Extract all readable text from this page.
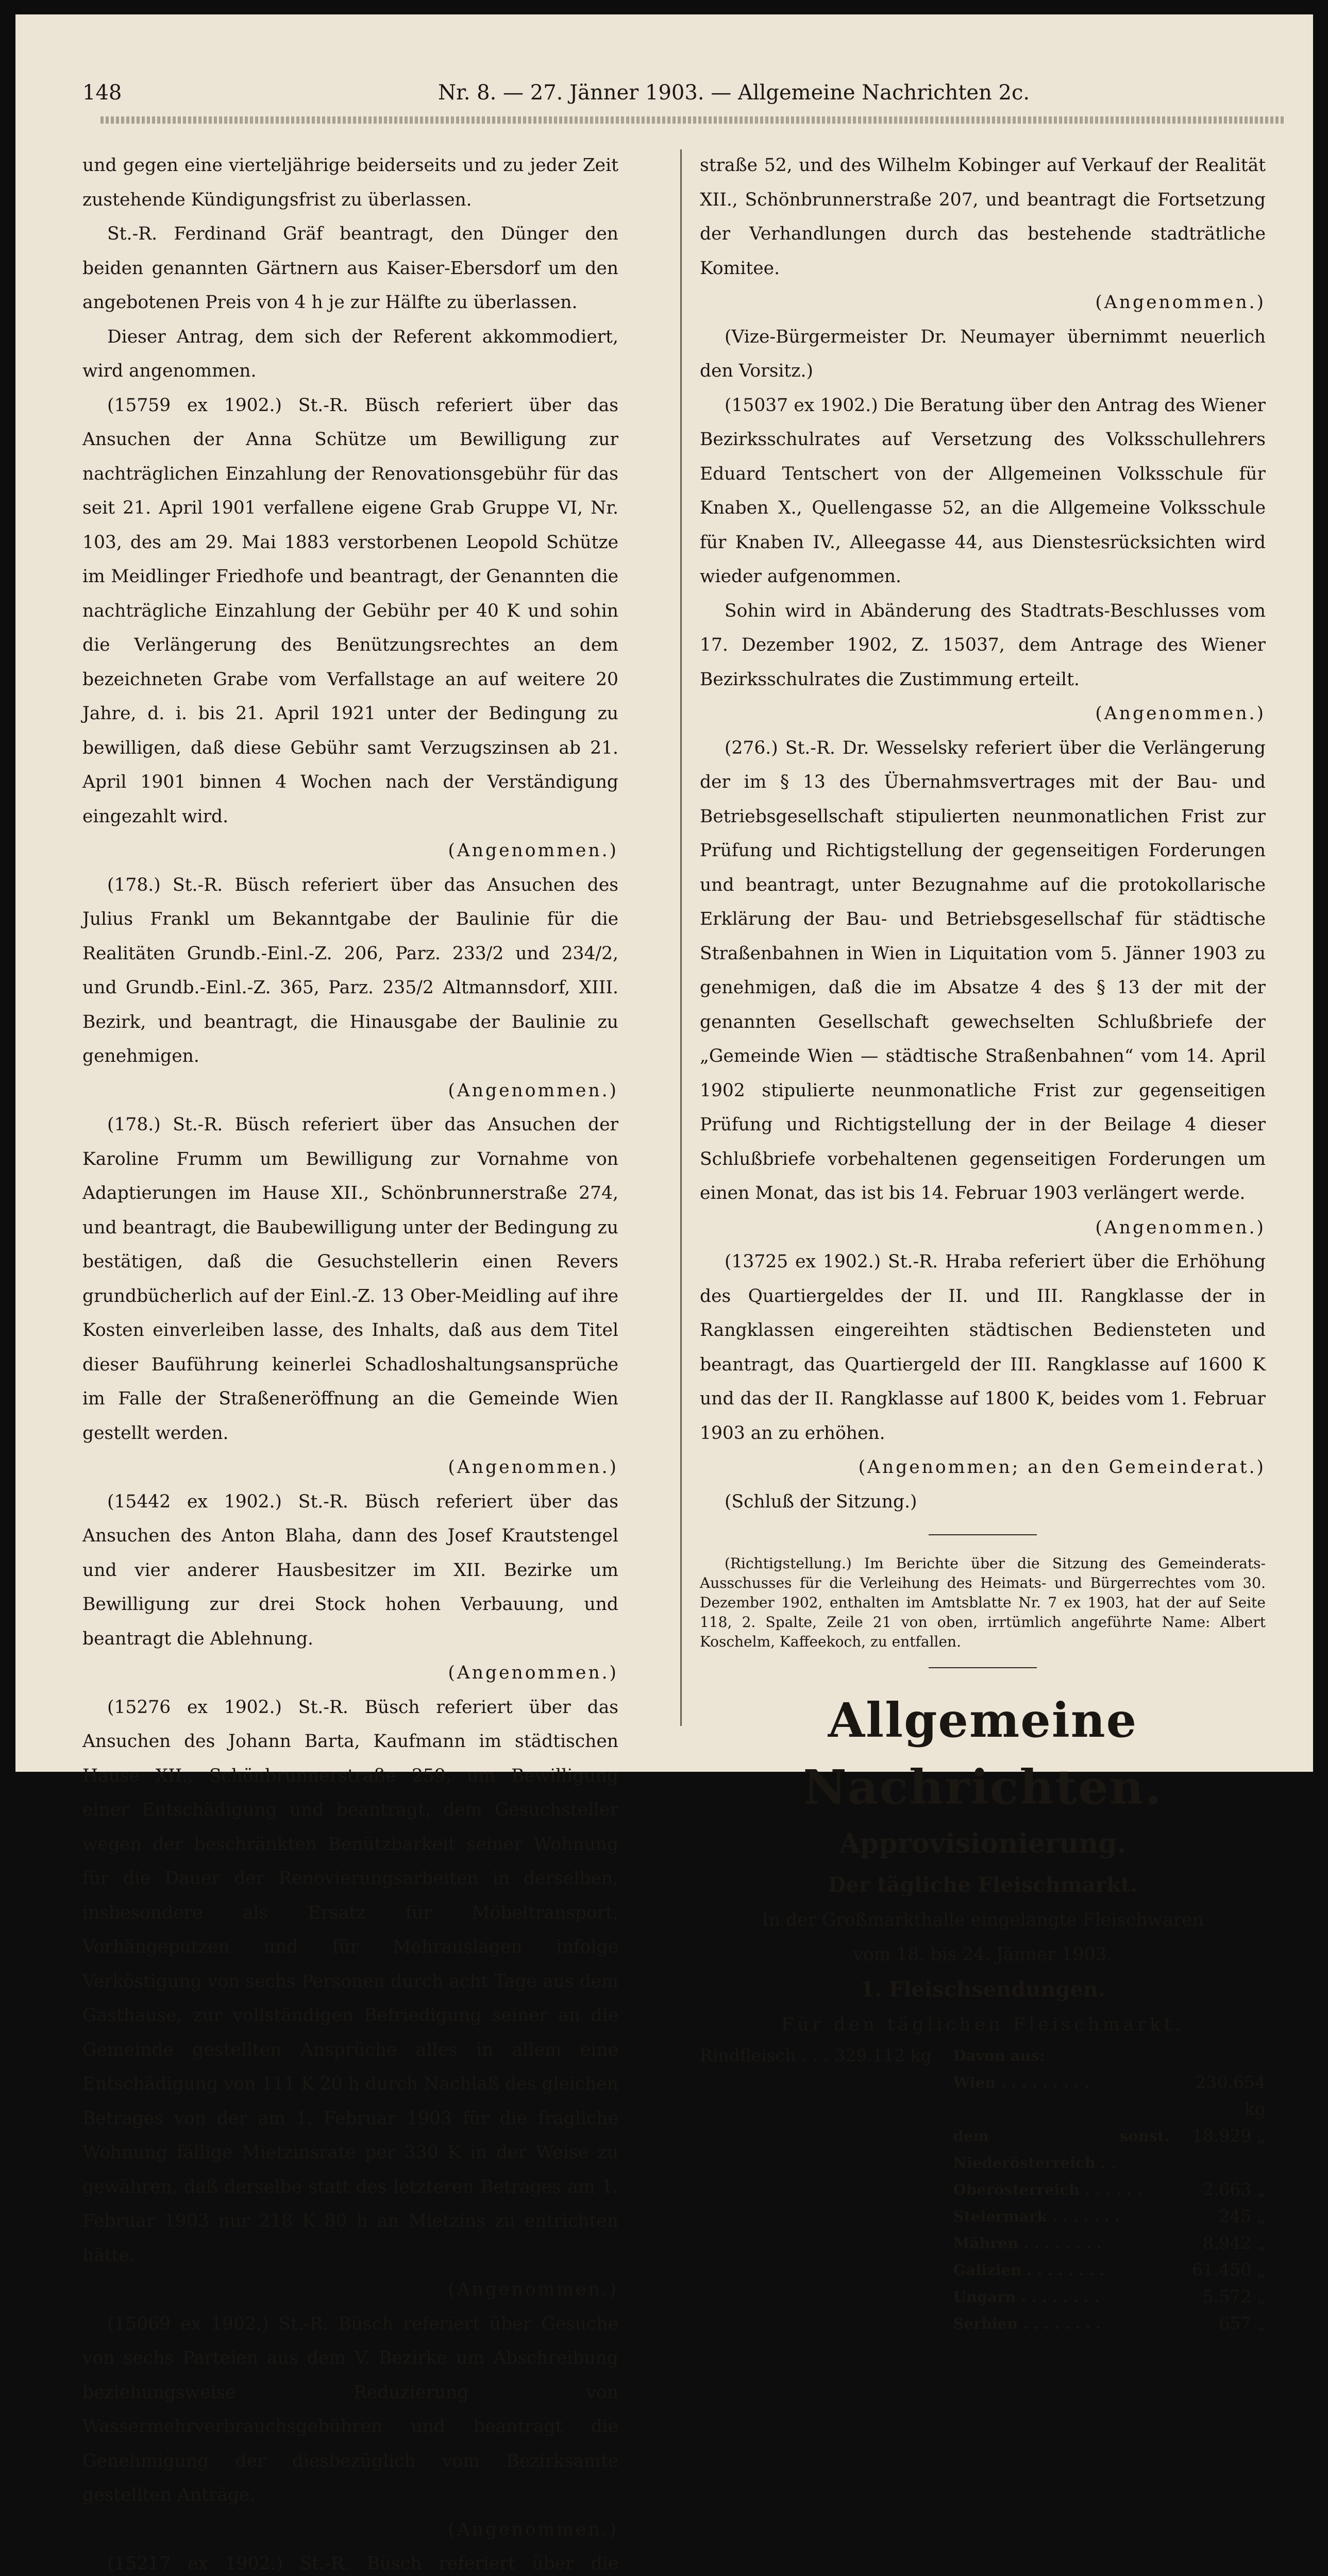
148	Nr. 8. — 27. Jänner 1903. — Allgemeine Nachrichten 2c.

und gegen eine vierteljährige beiderseits und zu jeder Zeit zustehende Kündigungsfrist zu überlassen.

St.-R. Ferdinand Gräf beantragt, den Dünger den beiden genannten Gärtnern aus Kaiser-Ebersdorf um den angebotenen Preis von 4 h je zur Hälfte zu überlassen.

Dieser Antrag, dem sich der Referent akkommodiert, wird angenommen.

(15759 ex 1902.) St.-R. Büsch referiert über das Ansuchen der Anna Schütze um Bewilligung zur nachträglichen Einzahlung der Renovationsgebühr für das seit 21. April 1901 verfallene eigene Grab Gruppe VI, Nr. 103, des am 29. Mai 1883 verstorbenen Leopold Schütze im Meidlinger Friedhofe und beantragt, der Genannten die nachträgliche Einzahlung der Gebühr per 40 K und sohin die Verlängerung des Benützungsrechtes an dem bezeichneten Grabe vom Verfallstage an auf weitere 20 Jahre, d. i. bis 21. April 1921 unter der Bedingung zu bewilligen, daß diese Gebühr samt Verzugszinsen ab 21. April 1901 binnen 4 Wochen nach der Verständigung eingezahlt wird.
(Angenommen.)

(178.) St.-R. Büsch referiert über das Ansuchen des Julius Frankl um Bekanntgabe der Baulinie für die Realitäten Grundb.-Einl.-Z. 206, Parz. 233/2 und 234/2, und Grundb.-Einl.-Z. 365, Parz. 235/2 Altmannsdorf, XIII. Bezirk, und beantragt, die Hinausgabe der Baulinie zu genehmigen.
(Angenommen.)

(178.) St.-R. Büsch referiert über das Ansuchen der Karoline Frumm um Bewilligung zur Vornahme von Adaptierungen im Hause XII., Schönbrunnerstraße 274, und beantragt, die Baubewilligung unter der Bedingung zu bestätigen, daß die Gesuchstellerin einen Revers grundbücherlich auf der Einl.-Z. 13 Ober-Meidling auf ihre Kosten einverleiben lasse, des Inhalts, daß aus dem Titel dieser Bauführung keinerlei Schadloshaltungsansprüche im Falle der Straßeneröffnung an die Gemeinde Wien gestellt werden.
(Angenommen.)

(15442 ex 1902.) St.-R. Büsch referiert über das Ansuchen des Anton Blaha, dann des Josef Krautstengel und vier anderer Hausbesitzer im XII. Bezirke um Bewilligung zur drei Stock hohen Verbauung, und beantragt die Ablehnung.
(Angenommen.)

(15276 ex 1902.) St.-R. Büsch referiert über das Ansuchen des Johann Barta, Kaufmann im städtischen Hause XII., Schönbrunnerstraße 259, um Bewilligung einer Entschädigung und beantragt, dem Gesuchsteller wegen der beschränkten Benützbarkeit seiner Wohnung für die Dauer der Renovierungsarbeiten in derselben, insbesondere als Ersatz für Möbeltransport, Vorhängeputzen und für Mehrauslagen infolge Verköstigung von sechs Personen durch acht Tage aus dem Gasthause, zur vollständigen Befriedigung seiner an die Gemeinde gestellten Ansprüche alles in allem eine Entschädigung von 111 K 20 h durch Nachlaß des gleichen Betrages von der am 1. Februar 1903 für die fragliche Wohnung fällige Mietzinsrate per 330 K in der Weise zu gewähren, daß derselbe statt des letzteren Betrages am 1. Februar 1903 nur 218 K 80 h an Mietzins zu entrichten hätte.
(Angenommen.)

(15069 ex 1902.) St.-R. Büsch referiert über Gesuche von sechs Parteien aus dem V. Bezirke um Abschreibung beziehungsweise Reduzierung von Wassermehrverbrauchsgebühren und beantragt die Genehmigung der diesbezüglich vom Bezirksamte gestellten Anträge.
(Angenommen.)

(15217 ex 1902.) St.-R. Büsch referiert über die

straße 52, und des Wilhelm Kobinger auf Verkauf der Realität XII., Schönbrunnerstraße 207, und beantragt die Fortsetzung der Verhandlungen durch das bestehende stadträtliche Komitee.
(Angenommen.)

(Vize-Bürgermeister Dr. Neumayer übernimmt neuerlich den Vorsitz.)

(15037 ex 1902.) Die Beratung über den Antrag des Wiener Bezirksschulrates auf Versetzung des Volksschullehrers Eduard Tentschert von der Allgemeinen Volksschule für Knaben X., Quellengasse 52, an die Allgemeine Volksschule für Knaben IV., Alleegasse 44, aus Dienstesrücksichten wird wieder aufgenommen.

Sohin wird in Abänderung des Stadtrats-Beschlusses vom 17. Dezember 1902, Z. 15037, dem Antrage des Wiener Bezirksschulrates die Zustimmung erteilt.
(Angenommen.)

(276.) St.-R. Dr. Wesselsky referiert über die Verlängerung der im § 13 des Übernahmsvertrages mit der Bau- und Betriebsgesellschaft stipulierten neunmonatlichen Frist zur Prüfung und Richtigstellung der gegenseitigen Forderungen und beantragt, unter Bezugnahme auf die protokollarische Erklärung der Bau- und Betriebsgesellschaf für städtische Straßenbahnen in Wien in Liquitation vom 5. Jänner 1903 zu genehmigen, daß die im Absatze 4 des § 13 der mit der genannten Gesellschaft gewechselten Schlußbriefe der „Gemeinde Wien — städtische Straßenbahnen“ vom 14. April 1902 stipulierte neunmonatliche Frist zur gegenseitigen Prüfung und Richtigstellung der in der Beilage 4 dieser Schlußbriefe vorbehaltenen gegenseitigen Forderungen um einen Monat, das ist bis 14. Februar 1903 verlängert werde.
(Angenommen.)

(13725 ex 1902.) St.-R. Hraba referiert über die Erhöhung des Quartiergeldes der II. und III. Rangklasse der in Rangklassen eingereihten städtischen Bediensteten und beantragt, das Quartiergeld der III. Rangklasse auf 1600 K und das der II. Rangklasse auf 1800 K, beides vom 1. Februar 1903 an zu erhöhen.
(Angenommen; an den Gemeinderat.)

(Schluß der Sitzung.)

(Richtigstellung.) Im Berichte über die Sitzung des Gemeinderats-Ausschusses für die Verleihung des Heimats- und Bürgerrechtes vom 30. Dezember 1902, enthalten im Amtsblatte Nr. 7 ex 1903, hat der auf Seite 118, 2. Spalte, Zeile 21 von oben, irrtümlich angeführte Name: Albert Koschelm, Kaffeekoch, zu entfallen.

Allgemeine Nachrichten.
Approvisionierung.
Der tägliche Fleischmarkt.

In der Großmarkthalle eingelangte Fleischwaren

vom 18. bis 24. Jänner 1903.

1. Fleischsendungen.

Für den täglichen Fleischmarkt.

Rindfleisch	. . .	329.112 kg	Davon aus:	
			Wien . . . . . . . . .	230.654 kg
			dem sonst. Niederösterreich . .	18.929 „
			Oberösterreich . . . . . .	2.663 „
			Steiermark . . . . . . .	245 „
			Mähren . . . . . . . .	8.942 „
			Galizien . . . . . . . .	61.450 „
			Ungarn . . . . . . . .	5.572 „
			Serbien . . . . . . . .	657 „
